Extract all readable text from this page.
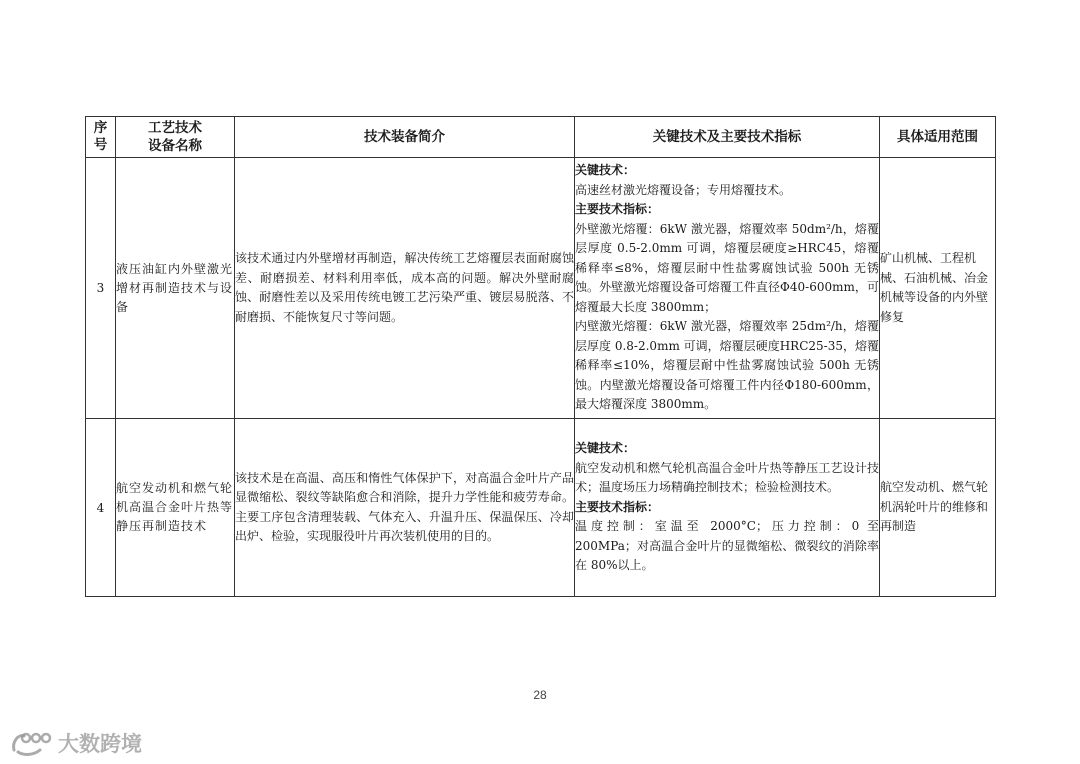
序号	工艺技术设备名称	技术装备简介	关键技术及主要技术指标	具体适用范围
3	液压油缸内外壁激光增材再制造技术与设备	该技术通过内外壁增材再制造，解决传统工艺熔覆层表面耐腐蚀差、耐磨损差、材料利用率低，成本高的问题。解决外壁耐腐蚀、耐磨性差以及采用传统电镀工艺污染严重、镀层易脱落、不耐磨损、不能恢复尺寸等问题。	关键技术：
高速丝材激光熔覆设备；专用熔覆技术。
主要技术指标：
外壁激光熔覆：6kW 激光器，熔覆效率 50dm²/h，熔覆层厚度 0.5-2.0mm 可调，熔覆层硬度≥HRC45，熔覆稀释率≤8%，熔覆层耐中性盐雾腐蚀试验 500h 无锈蚀。外壁激光熔覆设备可熔覆工件直径Φ40-600mm，可熔覆最大长度 3800mm；
内壁激光熔覆：6kW 激光器，熔覆效率 25dm²/h，熔覆层厚度 0.8-2.0mm 可调，熔覆层硬度HRC25-35，熔覆稀释率≤10%，熔覆层耐中性盐雾腐蚀试验 500h 无锈蚀。内壁激光熔覆设备可熔覆工件内径Φ180-600mm，最大熔覆深度 3800mm。	矿山机械、工程机械、石油机械、冶金机械等设备的内外壁修复
4	航空发动机和燃气轮机高温合金叶片热等静压再制造技术	该技术是在高温、高压和惰性气体保护下，对高温合金叶片产品显微缩松、裂纹等缺陷愈合和消除，提升力学性能和疲劳寿命。主要工序包含清理装载、气体充入、升温升压、保温保压、冷却出炉、检验，实现服役叶片再次装机使用的目的。	关键技术：
航空发动机和燃气轮机高温合金叶片热等静压工艺设计技术；温度场压力场精确控制技术；检验检测技术。
主要技术指标：
温度控制：室温至 2000°C；压力控制：0 至 200MPa；对高温合金叶片的显微缩松、微裂纹的消除率在 80%以上。	航空发动机、燃气轮机涡轮叶片的维修和再制造
28
大数跨境
